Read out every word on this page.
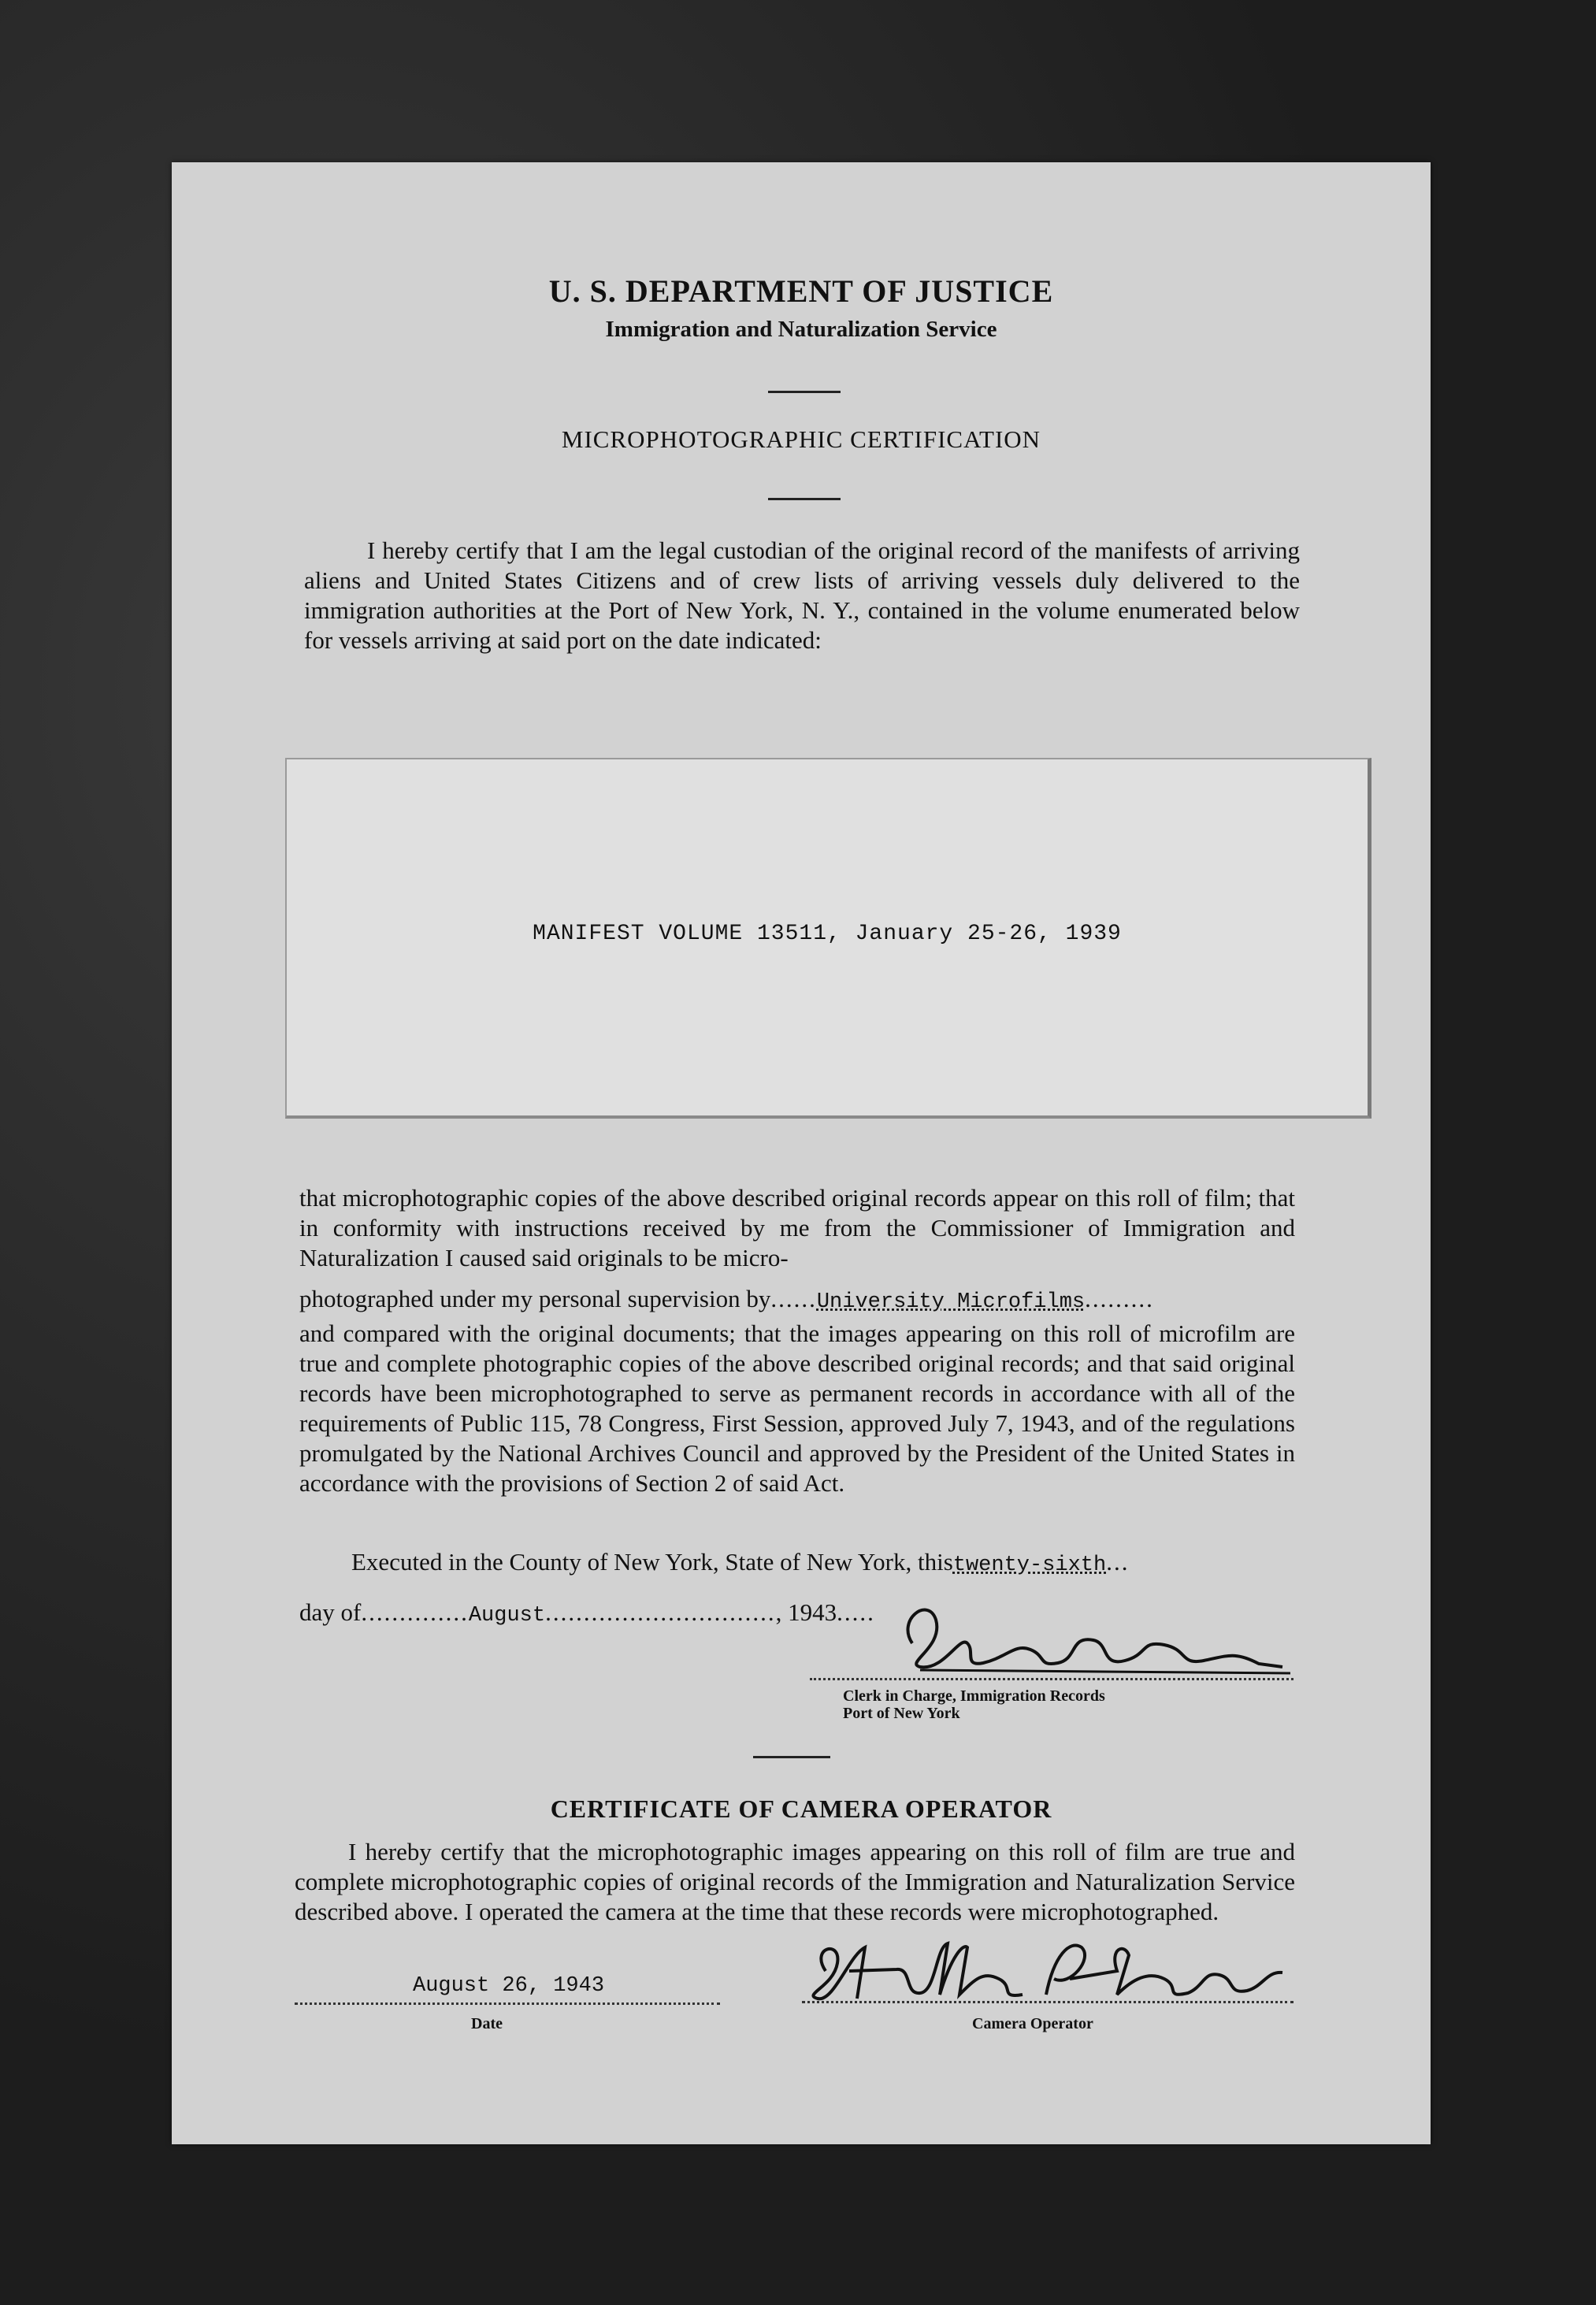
U. S. DEPARTMENT OF JUSTICE
Immigration and Naturalization Service
MICROPHOTOGRAPHIC CERTIFICATION
I hereby certify that I am the legal custodian of the original record of the manifests of arriving aliens and United States Citizens and of crew lists of arriving vessels duly delivered to the immigration authorities at the Port of New York, N. Y., contained in the volume enumerated below for vessels arriving at said port on the date indicated:
MANIFEST VOLUME 13511, January 25-26, 1939
that microphotographic copies of the above described original records appear on this roll of film; that in conformity with instructions received by me from the Commissioner of Immigration and Naturalization I caused said originals to be micro-
photographed under my personal supervision by......University Microfilms.........
and compared with the original documents; that the images appearing on this roll of microfilm are true and complete photographic copies of the above described original records; and that said original records have been microphotographed to serve as permanent records in accordance with all of the requirements of Public 115, 78 Congress, First Session, approved July 7, 1943, and of the regulations promulgated by the National Archives Council and approved by the President of the United States in accordance with the provisions of Section 2 of said Act.
Executed in the County of New York, State of New York, thistwenty-sixth...
day of..............August.............................., 1943.....
Clerk in Charge, Immigration Records
Port of New York
CERTIFICATE OF CAMERA OPERATOR
I hereby certify that the microphotographic images appearing on this roll of film are true and complete microphotographic copies of original records of the Immigration and Naturalization Service described above. I operated the camera at the time that these records were microphotographed.
August 26, 1943
Date	Camera Operator
